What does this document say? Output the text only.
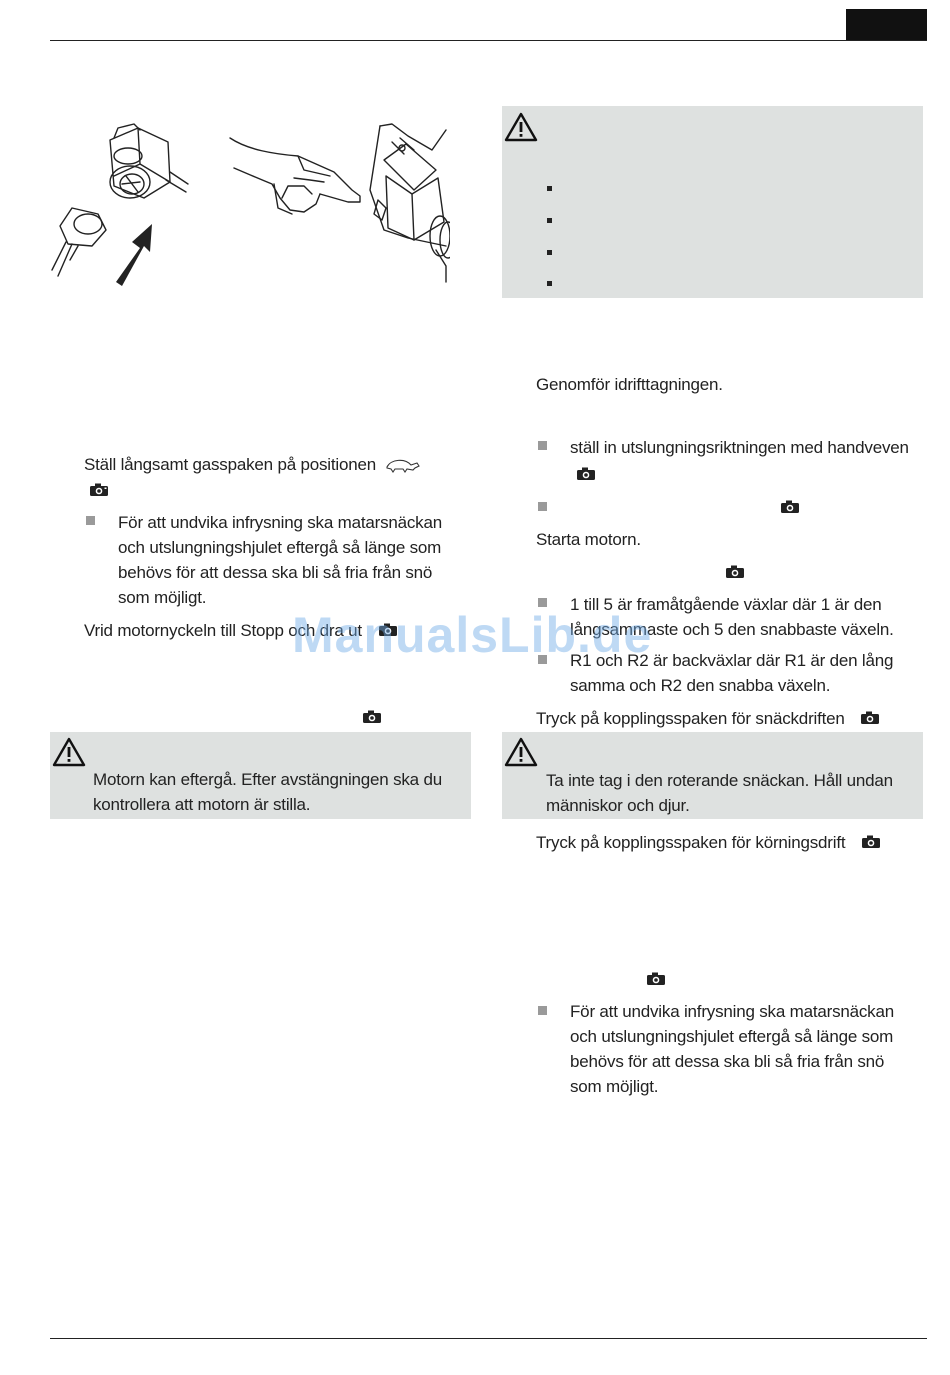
Ställ långsamt gasspaken på positionen
För att undvika infrysning ska matarsnäckan
och utslungningshjulet eftergå så länge som
behövs för att dessa ska bli så fria från snö
som möjligt.
Vrid motornyckeln till Stopp och dra ut
Motorn kan eftergå. Efter avstängningen ska du
kontrollera att motorn är stilla.
Genomför idrifttagningen.
ställ in utslungningsriktningen med handveven
Starta motorn.
1 till 5 är framåtgående växlar där 1 är den
långsammaste och 5 den snabbaste växeln.
R1 och R2 är backväxlar där R1 är den lång
samma och R2 den snabba växeln.
Tryck på kopplingsspaken för snäckdriften
Ta inte tag i den roterande snäckan. Håll undan
människor och djur.
Tryck på kopplingsspaken för körningsdrift
För att undvika infrysning ska matarsnäckan
och utslungningshjulet eftergå så länge som
behövs för att dessa ska bli så fria från snö
som möjligt.
ManualsLib.de
